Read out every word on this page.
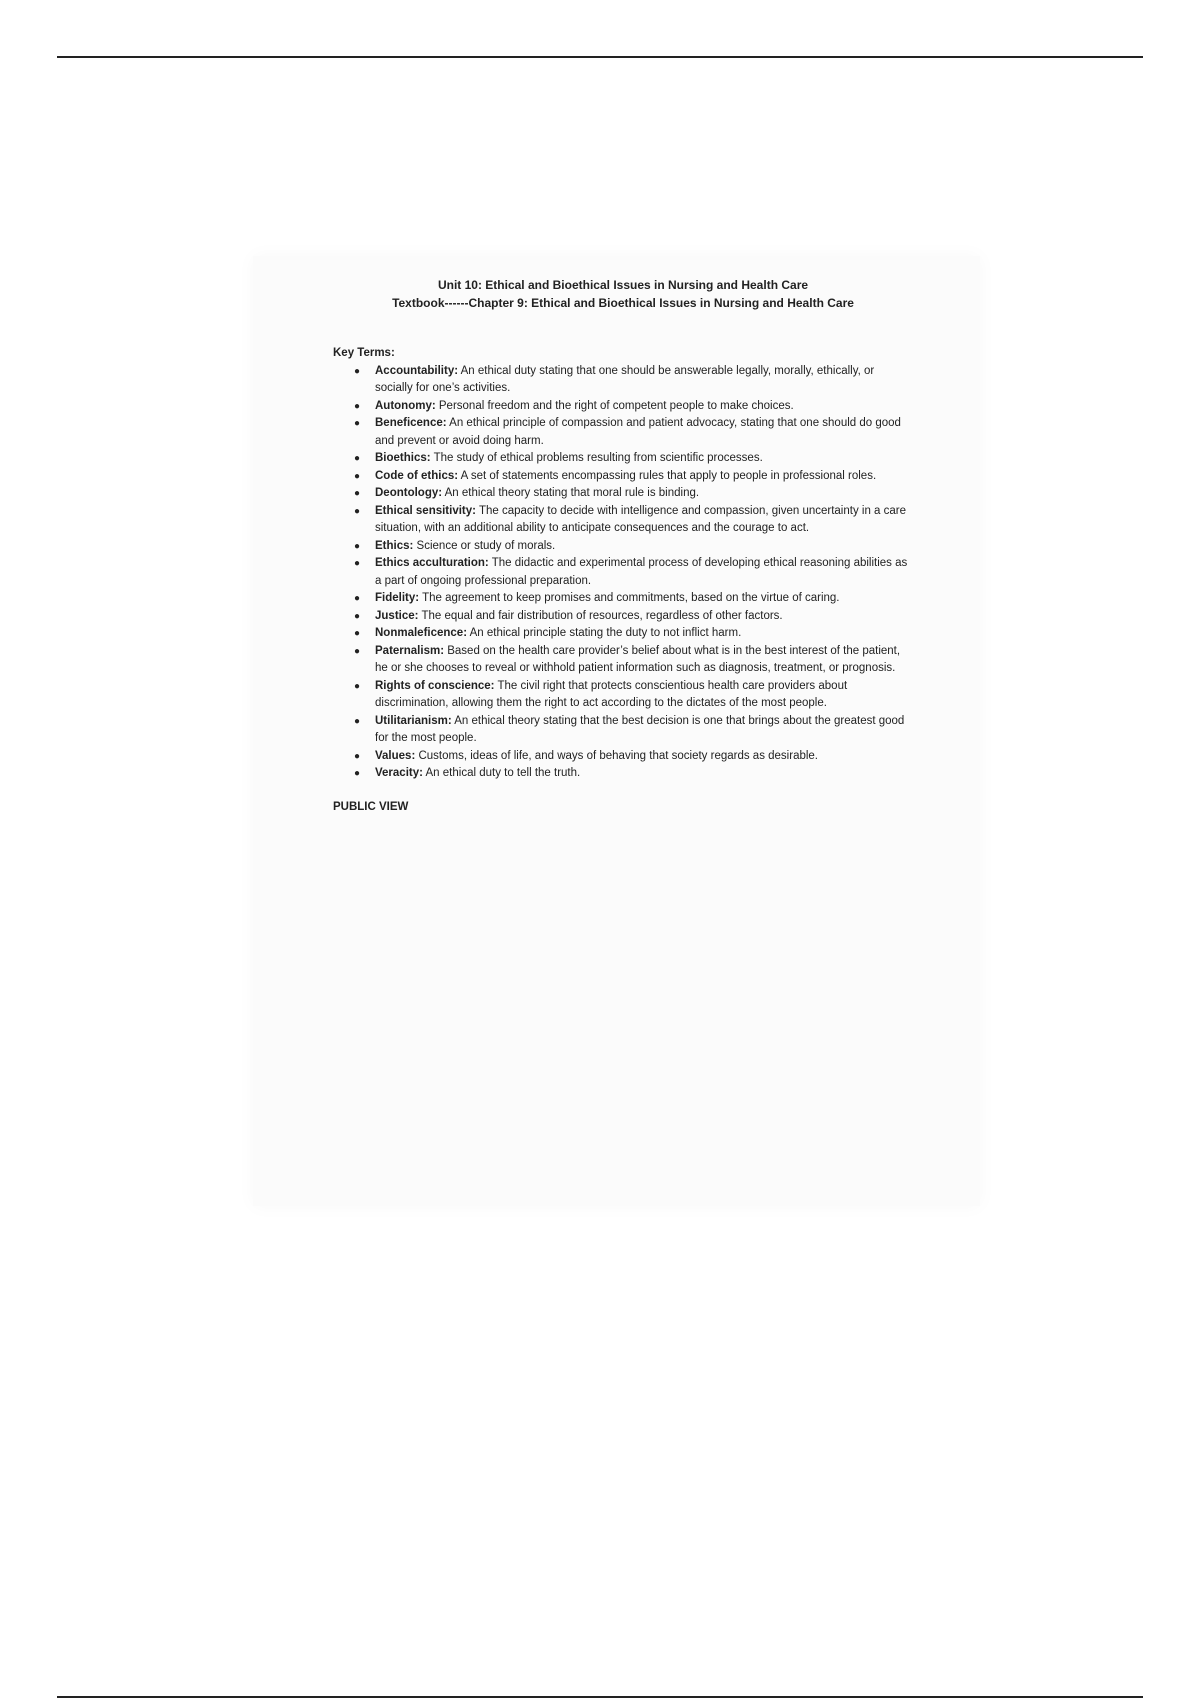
Unit 10: Ethical and Bioethical Issues in Nursing and Health Care
Textbook------Chapter 9: Ethical and Bioethical Issues in Nursing and Health Care
Key Terms:
● Accountability: An ethical duty stating that one should be answerable legally, morally, ethically, or socially for one’s activities.
● Autonomy: Personal freedom and the right of competent people to make choices.
● Beneficence: An ethical principle of compassion and patient advocacy, stating that one should do good and prevent or avoid doing harm.
● Bioethics: The study of ethical problems resulting from scientific processes.
● Code of ethics: A set of statements encompassing rules that apply to people in professional roles.
● Deontology: An ethical theory stating that moral rule is binding.
● Ethical sensitivity: The capacity to decide with intelligence and compassion, given uncertainty in a care situation, with an additional ability to anticipate consequences and the courage to act.
● Ethics: Science or study of morals.
● Ethics acculturation: The didactic and experimental process of developing ethical reasoning abilities as a part of ongoing professional preparation.
● Fidelity: The agreement to keep promises and commitments, based on the virtue of caring.
● Justice: The equal and fair distribution of resources, regardless of other factors.
● Nonmaleficence: An ethical principle stating the duty to not inflict harm.
● Paternalism: Based on the health care provider’s belief about what is in the best interest of the patient, he or she chooses to reveal or withhold patient information such as diagnosis, treatment, or prognosis.
● Rights of conscience: The civil right that protects conscientious health care providers about discrimination, allowing them the right to act according to the dictates of the most people.
● Utilitarianism: An ethical theory stating that the best decision is one that brings about the greatest good for the most people.
● Values: Customs, ideas of life, and ways of behaving that society regards as desirable.
● Veracity: An ethical duty to tell the truth.
PUBLIC VIEW
